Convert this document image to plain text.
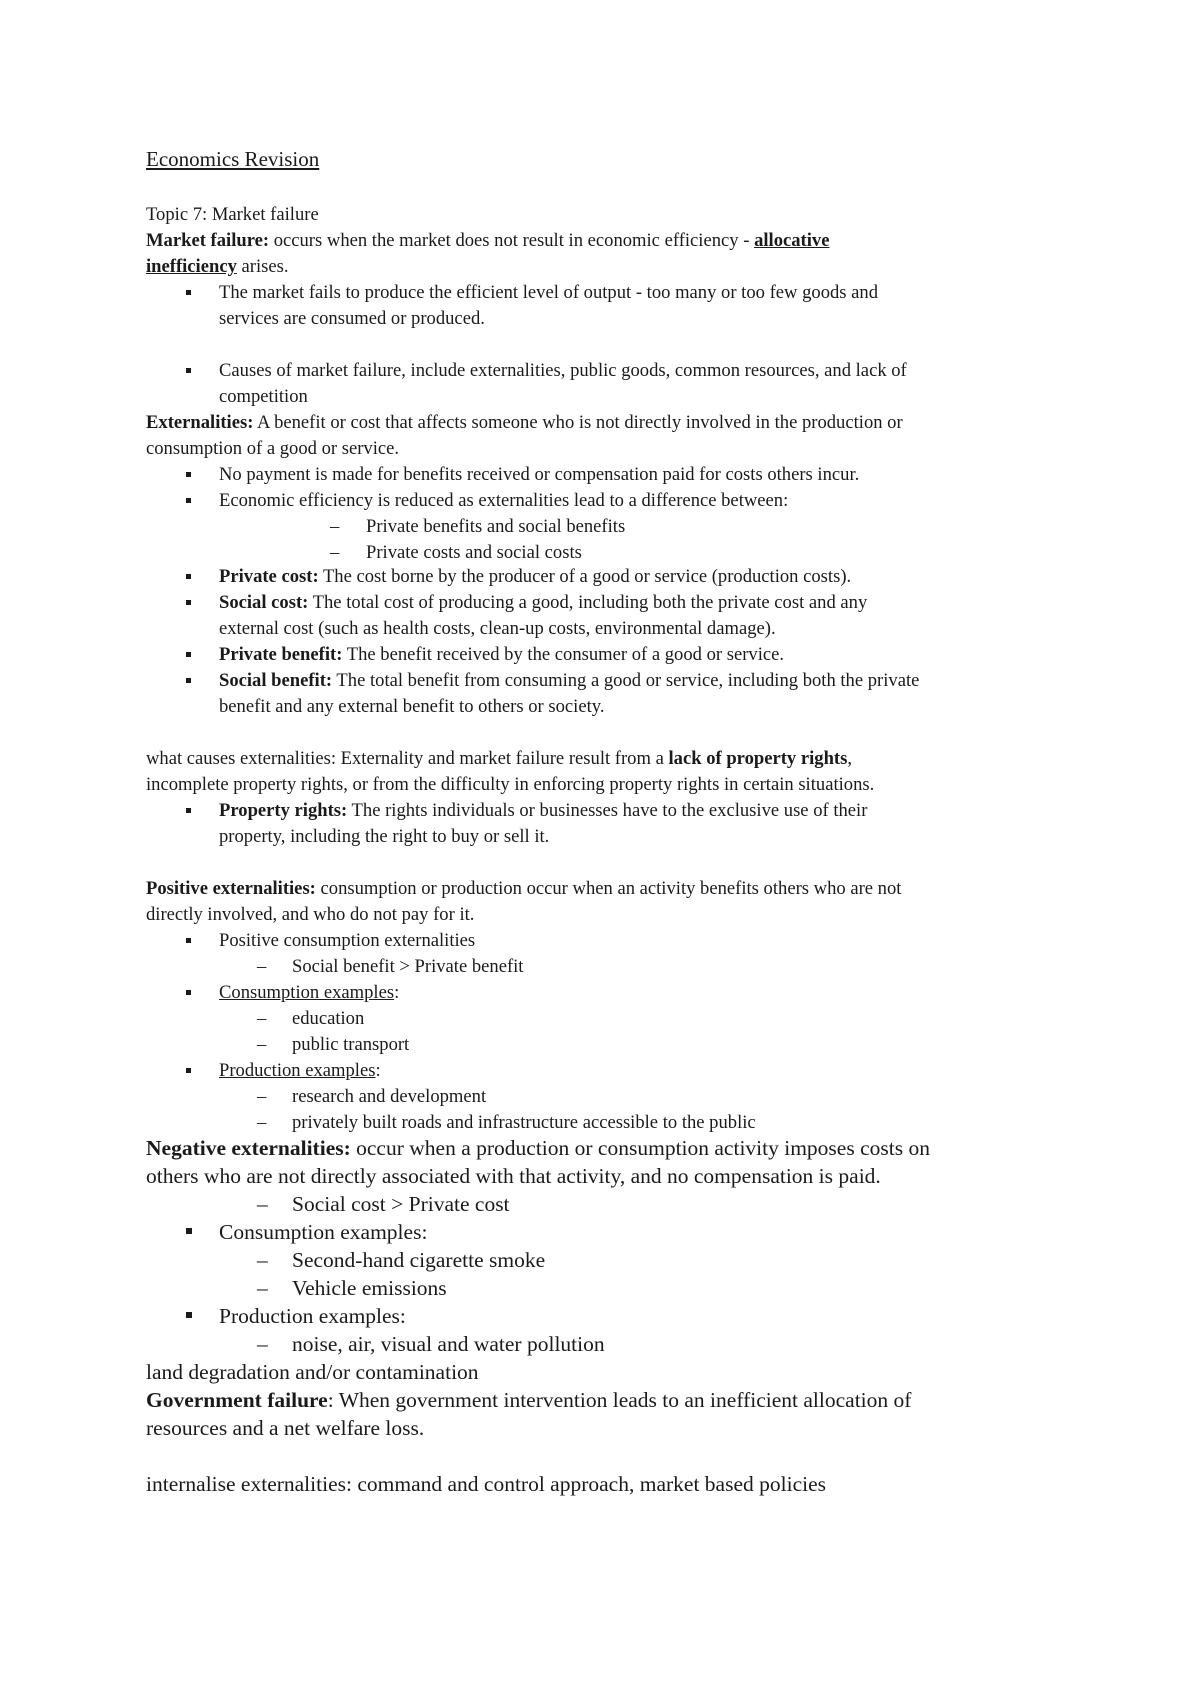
Economics Revision
Topic 7: Market failure
Market failure: occurs when the market does not result in economic efficiency - allocative
inefficiency arises.
The market fails to produce the efficient level of output - too many or too few goods and
services are consumed or produced.
Causes of market failure, include externalities, public goods, common resources, and lack of
competition
Externalities: A benefit or cost that affects someone who is not directly involved in the production or
consumption of a good or service.
No payment is made for benefits received or compensation paid for costs others incur.
Economic efficiency is reduced as externalities lead to a difference between:
– Private benefits and social benefits
– Private costs and social costs
Private cost: The cost borne by the producer of a good or service (production costs).
Social cost: The total cost of producing a good, including both the private cost and any
external cost (such as health costs, clean-up costs, environmental damage).
Private benefit: The benefit received by the consumer of a good or service.
Social benefit: The total benefit from consuming a good or service, including both the private
benefit and any external benefit to others or society.
what causes externalities: Externality and market failure result from a lack of property rights,
incomplete property rights, or from the difficulty in enforcing property rights in certain situations.
Property rights: The rights individuals or businesses have to the exclusive use of their
property, including the right to buy or sell it.
Positive externalities: consumption or production occur when an activity benefits others who are not
directly involved, and who do not pay for it.
Positive consumption externalities
– Social benefit > Private benefit
Consumption examples:
– education
– public transport
Production examples:
– research and development
– privately built roads and infrastructure accessible to the public
Negative externalities: occur when a production or consumption activity imposes costs on
others who are not directly associated with that activity, and no compensation is paid.
– Social cost > Private cost
Consumption examples:
– Second-hand cigarette smoke
– Vehicle emissions
Production examples:
– noise, air, visual and water pollution
land degradation and/or contamination
Government failure: When government intervention leads to an inefficient allocation of
resources and a net welfare loss.
internalise externalities: command and control approach, market based policies
